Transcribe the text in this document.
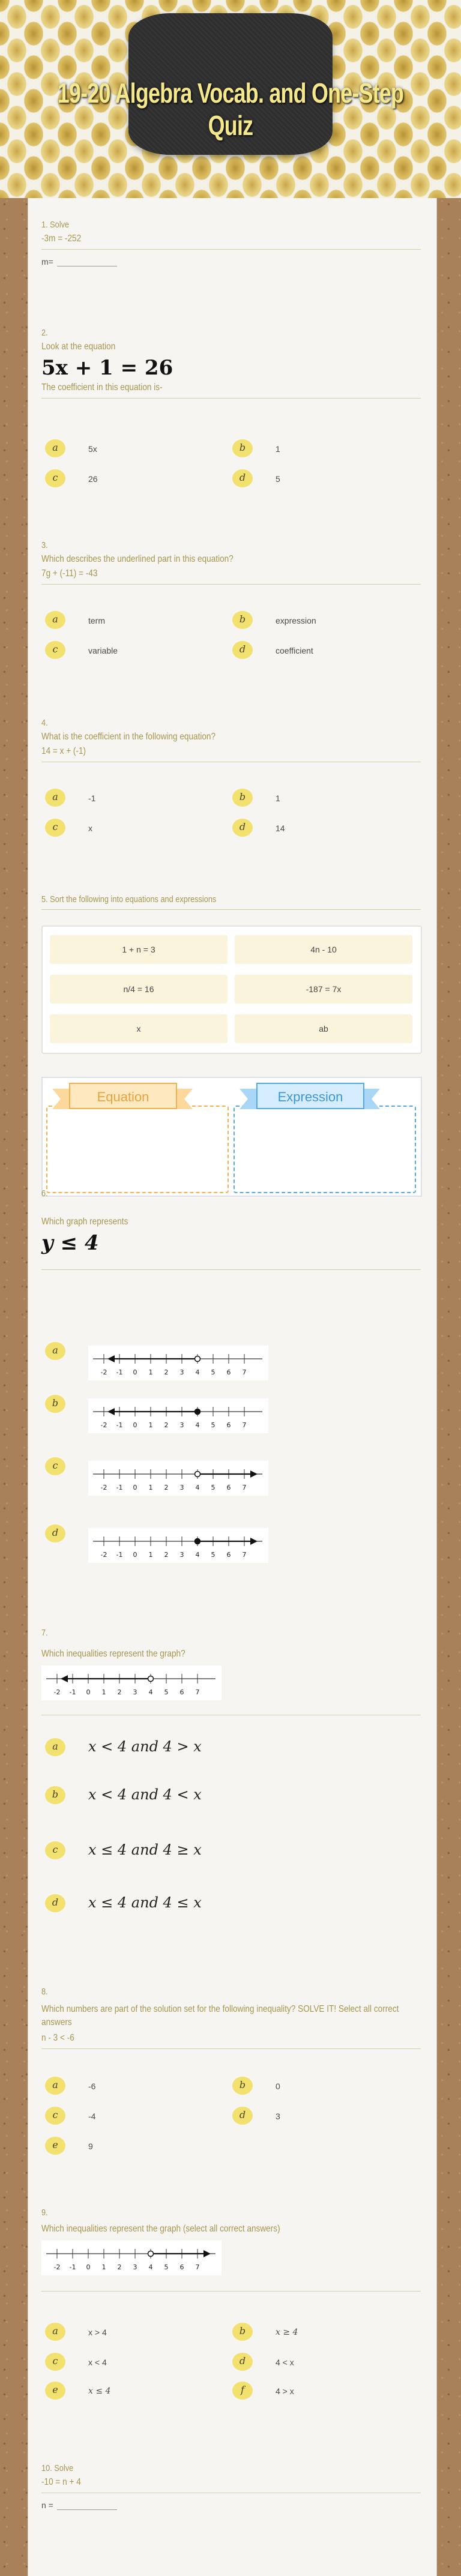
19-20 Algebra Vocab. and One-Step Quiz
1. Solve
-3m = -252
m=
2.
Look at the equation
5x + 1 = 26
The coefficient in this equation is-
a	5x	b	1
c	26	d	5
3.
Which describes the underlined part in this equation?
7g + (-11) = -43
a	term	b	expression
c	variable	d	coefficient
4.
What is the coefficient in the following equation?
14 = x + (-1)
a	-1	b	1
c	x	d	14
5. Sort the following into equations and expressions
1 + n = 3	4n - 10
n/4 = 16	-187 = 7x
x	ab
Equation	Expression
6.
Which graph represents
y ≤ 4
a
-2 -1 0 1 2 3 4 5 6 7
b
-2 -1 0 1 2 3 4 5 6 7
c
-2 -1 0 1 2 3 4 5 6 7
d
-2 -1 0 1 2 3 4 5 6 7
7.
Which inequalities represent the graph?
-2 -1 0 1 2 3 4 5 6 7
a	x < 4 and 4 > x
b	x < 4 and 4 < x
c	x ≤ 4 and 4 ≥ x
d	x ≤ 4 and 4 ≤ x
8.
Which numbers are part of the solution set for the following inequality? SOLVE IT! Select all correct answers
n - 3 < -6
a	-6	b	0
c	-4	d	3
e	9
9.
Which inequalities represent the graph (select all correct answers)
-2 -1 0 1 2 3 4 5 6 7
a	x > 4	b	x ≥ 4
c	x < 4	d	4 < x
e	x ≤ 4	f	4 > x
10. Solve
-10 = n + 4
n =
